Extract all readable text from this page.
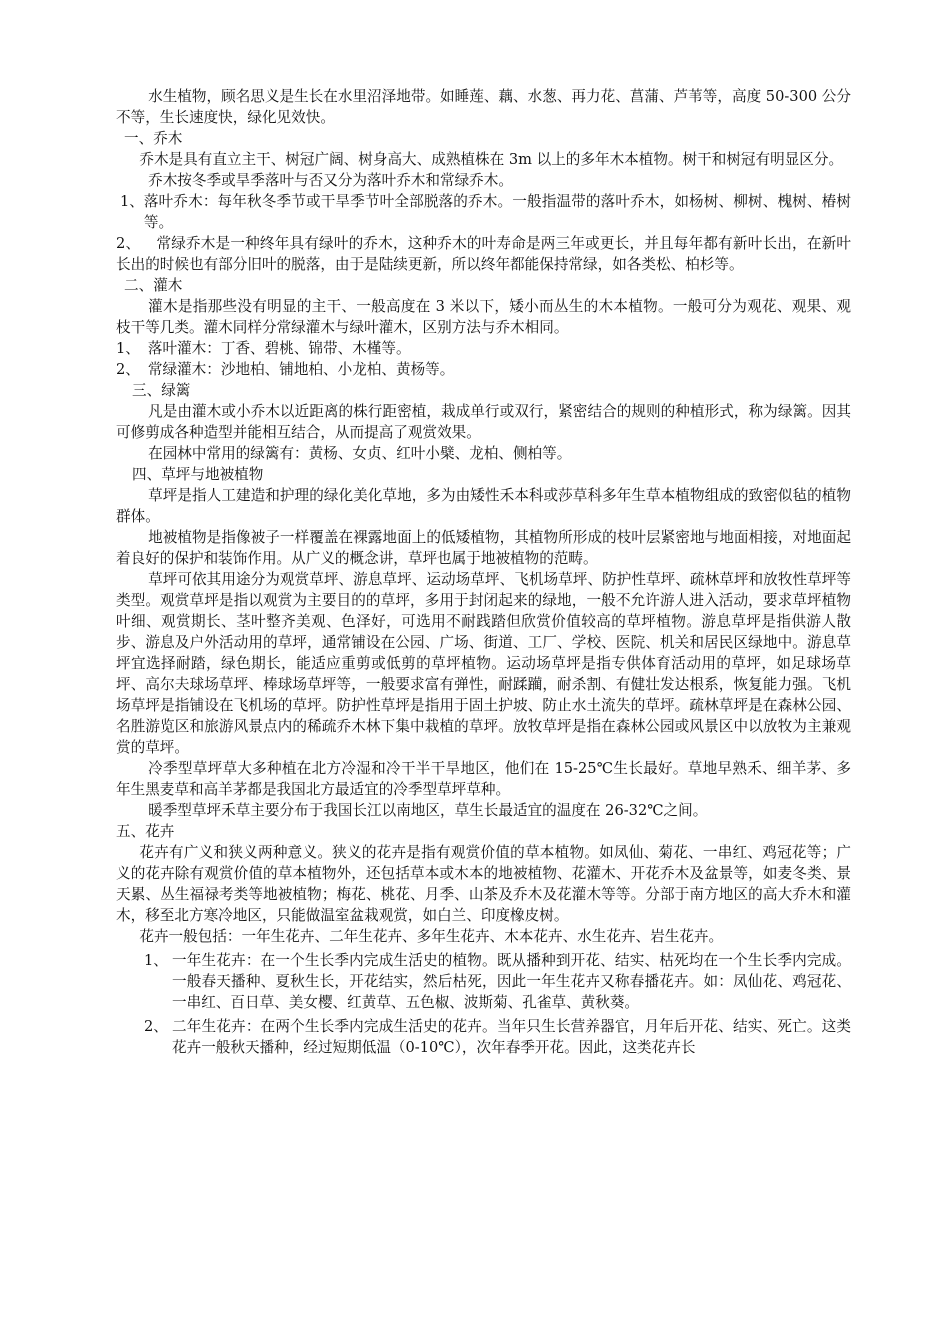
水生植物，顾名思义是生长在水里沼泽地带。如睡莲、藕、水葱、再力花、菖蒲、芦苇等，高度 50-300 公分不等，生长速度快，绿化见效快。

一、乔木

乔木是具有直立主干、树冠广阔、树身高大、成熟植株在 3m 以上的多年木本植物。树干和树冠有明显区分。

乔木按冬季或旱季落叶与否又分为落叶乔木和常绿乔木。

1、 落叶乔木：每年秋冬季节或干旱季节叶全部脱落的乔木。一般指温带的落叶乔木，如杨树、柳树、槐树、椿树等。

2、 常绿乔木是一种终年具有绿叶的乔木，这种乔木的叶寿命是两三年或更长，并且每年都有新叶长出，在新叶长出的时候也有部分旧叶的脱落，由于是陆续更新，所以终年都能保持常绿，如各类松、柏杉等。

二、灌木

灌木是指那些没有明显的主干、一般高度在 3 米以下，矮小而丛生的木本植物。一般可分为观花、观果、观枝干等几类。灌木同样分常绿灌木与绿叶灌木，区别方法与乔木相同。

1、 落叶灌木：丁香、碧桃、锦带、木槿等。

2、 常绿灌木：沙地柏、铺地柏、小龙柏、黄杨等。

三、绿篱

凡是由灌木或小乔木以近距离的株行距密植，栽成单行或双行，紧密结合的规则的种植形式，称为绿篱。因其可修剪成各种造型并能相互结合，从而提高了观赏效果。

在园林中常用的绿篱有：黄杨、女贞、红叶小檗、龙柏、侧柏等。

四、草坪与地被植物

草坪是指人工建造和护理的绿化美化草地，多为由矮性禾本科或莎草科多年生草本植物组成的致密似毡的植物群体。

地被植物是指像被子一样覆盖在裸露地面上的低矮植物，其植物所形成的枝叶层紧密地与地面相接，对地面起着良好的保护和装饰作用。从广义的概念讲，草坪也属于地被植物的范畴。

草坪可依其用途分为观赏草坪、游息草坪、运动场草坪、飞机场草坪、防护性草坪、疏林草坪和放牧性草坪等类型。观赏草坪是指以观赏为主要目的的草坪，多用于封闭起来的绿地，一般不允许游人进入活动，要求草坪植物叶细、观赏期长、茎叶整齐美观、色泽好，可选用不耐践踏但欣赏价值较高的草坪植物。游息草坪是指供游人散步、游息及户外活动用的草坪，通常铺设在公园、广场、街道、工厂、学校、医院、机关和居民区绿地中。游息草坪宜选择耐踏，绿色期长，能适应重剪或低剪的草坪植物。运动场草坪是指专供体育活动用的草坪，如足球场草坪、高尔夫球场草坪、棒球场草坪等，一般要求富有弹性，耐蹂躏，耐杀割、有健壮发达根系，恢复能力强。飞机场草坪是指铺设在飞机场的草坪。防护性草坪是指用于固土护坡、防止水土流失的草坪。疏林草坪是在森林公园、名胜游览区和旅游风景点内的稀疏乔木林下集中栽植的草坪。放牧草坪是指在森林公园或风景区中以放牧为主兼观赏的草坪。

冷季型草坪草大多种植在北方冷湿和冷干半干旱地区，他们在 15-25℃生长最好。草地早熟禾、细羊茅、多年生黑麦草和高羊茅都是我国北方最适宜的冷季型草坪草种。

暖季型草坪禾草主要分布于我国长江以南地区，草生长最适宜的温度在 26-32℃之间。

五、花卉

花卉有广义和狭义两种意义。狭义的花卉是指有观赏价值的草本植物。如凤仙、菊花、一串红、鸡冠花等；广义的花卉除有观赏价值的草本植物外，还包括草本或木本的地被植物、花灌木、开花乔木及盆景等，如麦冬类、景天累、丛生福禄考类等地被植物；梅花、桃花、月季、山茶及乔木及花灌木等等。分部于南方地区的高大乔木和灌木，移至北方寒冷地区，只能做温室盆栽观赏，如白兰、印度橡皮树。

花卉一般包括：一年生花卉、二年生花卉、多年生花卉、木本花卉、水生花卉、岩生花卉。

1、 一年生花卉：在一个生长季内完成生活史的植物。既从播种到开花、结实、枯死均在一个生长季内完成。一般春天播种、夏秋生长，开花结实，然后枯死，因此一年生花卉又称春播花卉。如：凤仙花、鸡冠花、一串红、百日草、美女樱、红黄草、五色椒、波斯菊、孔雀草、黄秋葵。
2、 二年生花卉：在两个生长季内完成生活史的花卉。当年只生长营养器官，月年后开花、结实、死亡。这类花卉一般秋天播种，经过短期低温（0-10℃），次年春季开花。因此，这类花卉长
